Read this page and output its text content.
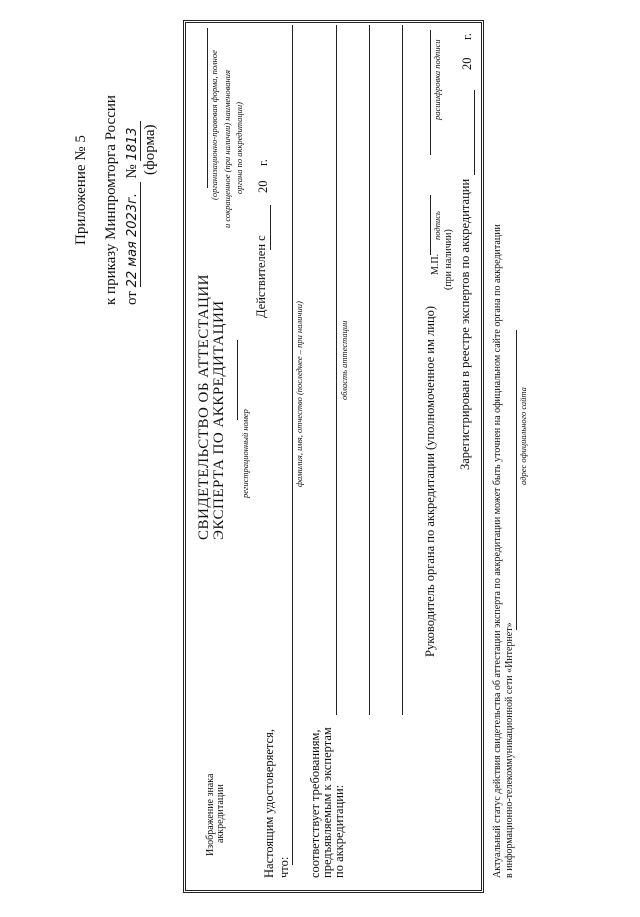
Приложение № 5 к приказу Минпромторга России от 22 мая 2023г. № 1813 (форма)	(организационно-правовая форма, полное и сокращенное (при наличии) наименования органа по аккредитации)
Изображение знака аккредитации
СВИДЕТЕЛЬСТВО ОБ АТТЕСТАЦИИ ЭКСПЕРТА ПО АККРЕДИТАЦИИ регистрационный номер
Действителен с
20
г.
Настоящим удостоверяется, что:
фамилия, имя, отчество (последнее – при наличии)
соответствует требованиям,
предъявляемым к экспертам
по аккредитации:
область аттестации	Руководитель органа по аккредитации (уполномоченное им лицо)
М.П. (при наличии)
подпись
расшифровка подписи
Зарегистрирован в реестре экспертов по аккредитации
20
г.
Актуальный статус действия свидетельства об аттестации эксперта по аккредитации может быть уточнен на официальном сайте органа по аккредитации в информационно-телекоммуникационной сети «Интернет»
адрес официального сайта
